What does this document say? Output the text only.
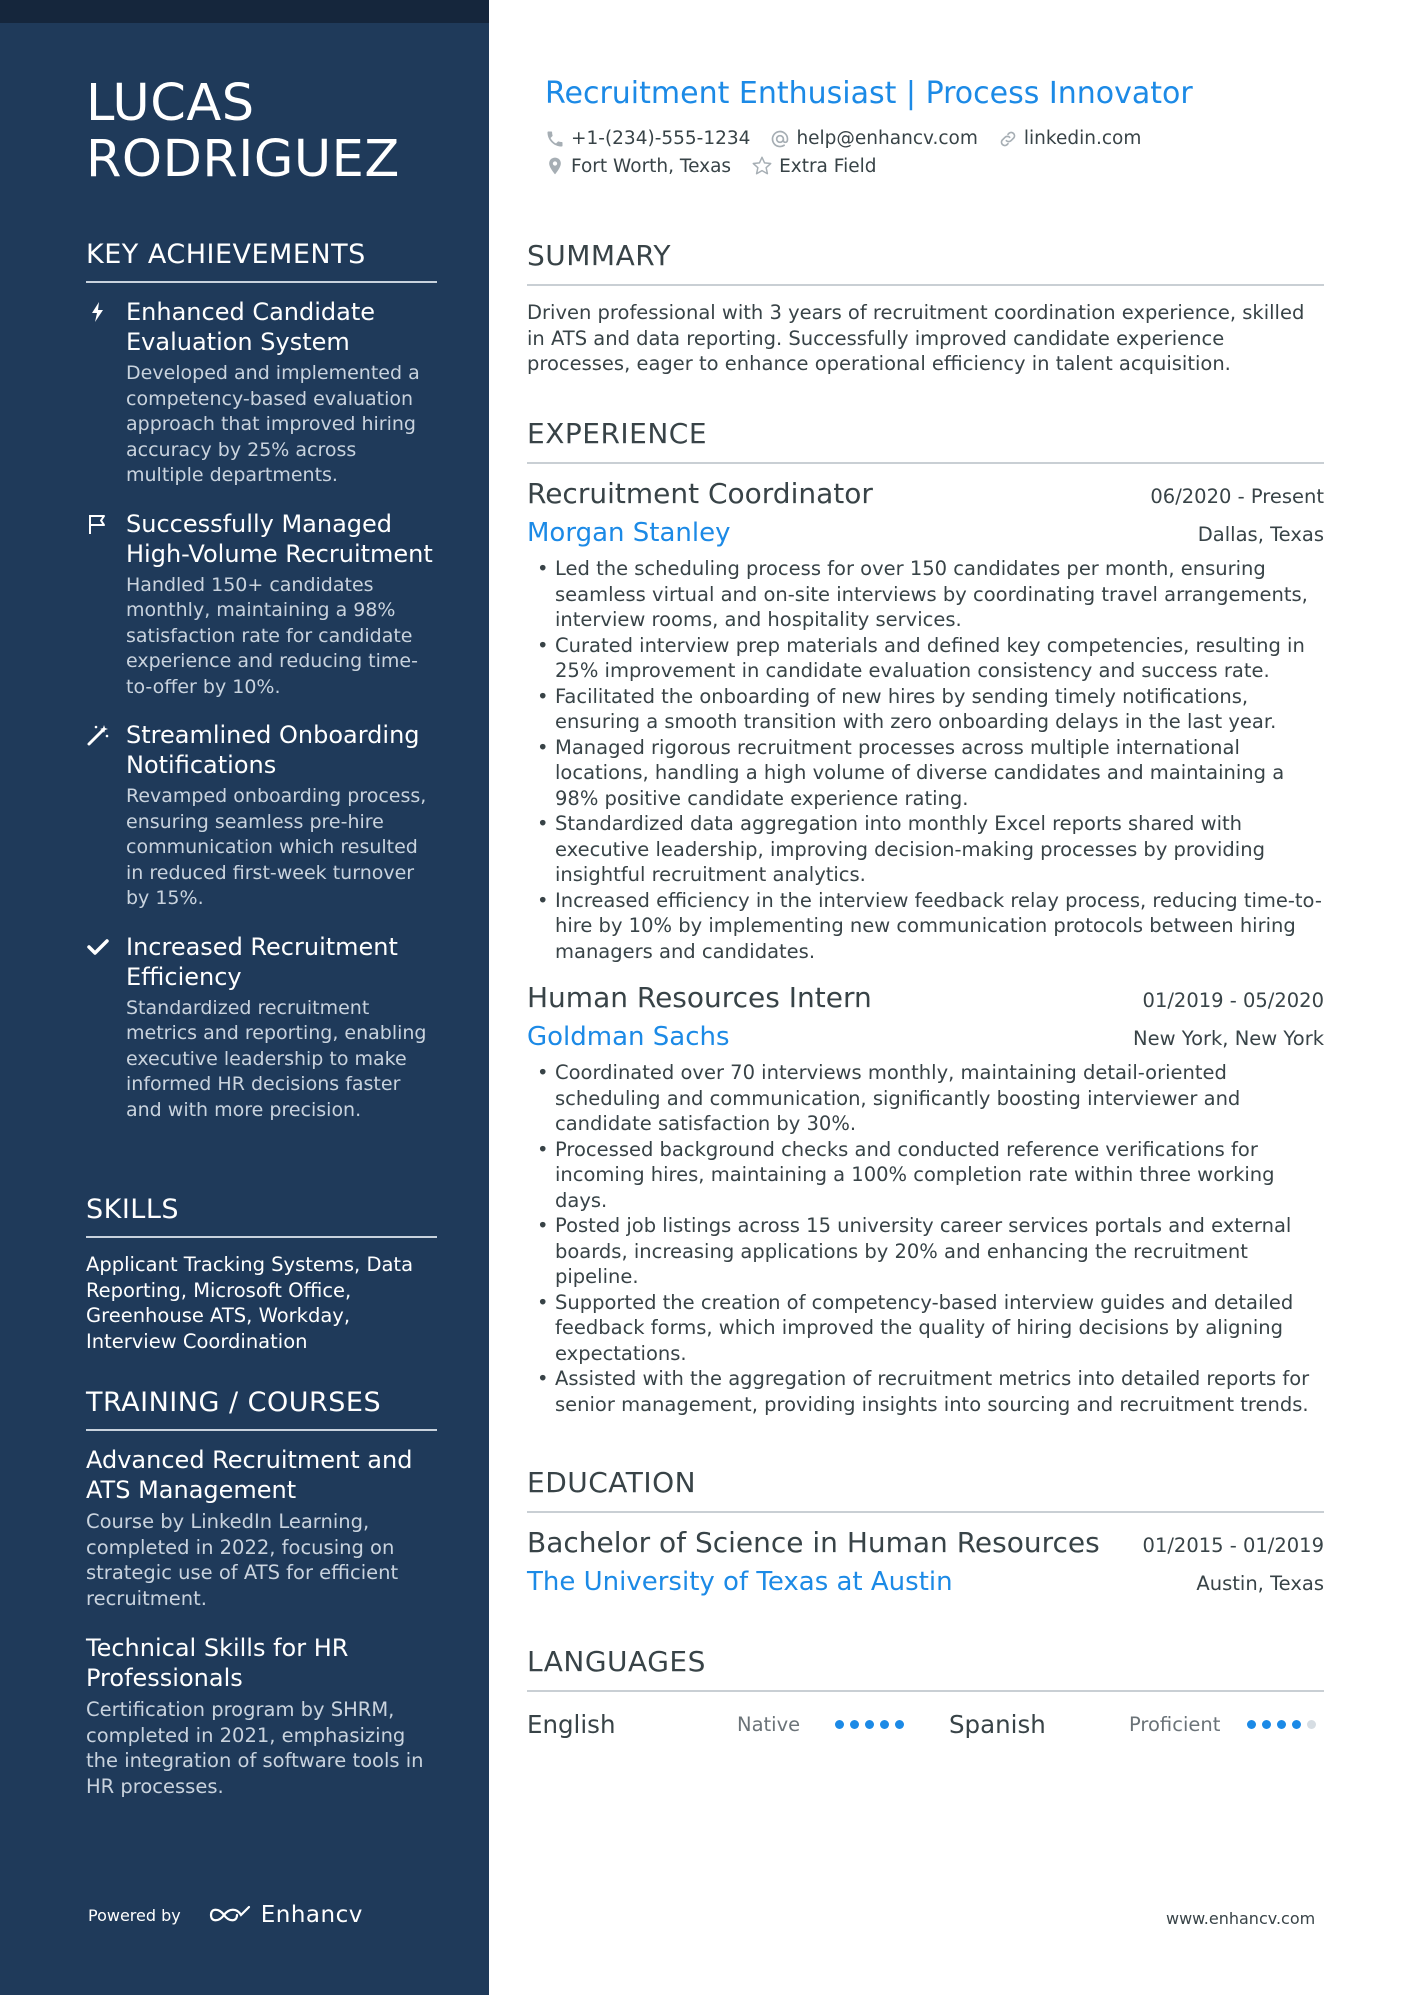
LUCAS
RODRIGUEZ
KEY ACHIEVEMENTS
Enhanced Candidate Evaluation System
Developed and implemented a competency-based evaluation approach that improved hiring accuracy by 25% across multiple departments.
Successfully Managed High-Volume Recruitment
Handled 150+ candidates monthly, maintaining a 98% satisfaction rate for candidate experience and reducing time-to-offer by 10%.
Streamlined Onboarding Notifications
Revamped onboarding process, ensuring seamless pre-hire communication which resulted in reduced first-week turnover by 15%.
Increased Recruitment Efficiency
Standardized recruitment metrics and reporting, enabling executive leadership to make informed HR decisions faster and with more precision.
SKILLS
Applicant Tracking Systems, Data Reporting, Microsoft Office, Greenhouse ATS, Workday, Interview Coordination
TRAINING / COURSES
Advanced Recruitment and ATS Management
Course by LinkedIn Learning, completed in 2022, focusing on strategic use of ATS for efficient recruitment.
Technical Skills for HR Professionals
Certification program by SHRM, completed in 2021, emphasizing the integration of software tools in HR processes.
Powered by	Enhancv
Recruitment Enthusiast | Process Innovator
+1-(234)-555-1234 help@enhancv.com linkedin.com
Fort Worth, Texas	Extra Field
SUMMARY
Driven professional with 3 years of recruitment coordination experience, skilled in ATS and data reporting. Successfully improved candidate experience processes, eager to enhance operational efficiency in talent acquisition.
EXPERIENCE
Recruitment Coordinator	06/2020 - Present
Morgan Stanley	Dallas, Texas
• Led the scheduling process for over 150 candidates per month, ensuring seamless virtual and on-site interviews by coordinating travel arrangements, interview rooms, and hospitality services.
• Curated interview prep materials and defined key competencies, resulting in 25% improvement in candidate evaluation consistency and success rate.
• Facilitated the onboarding of new hires by sending timely notifications, ensuring a smooth transition with zero onboarding delays in the last year.
• Managed rigorous recruitment processes across multiple international locations, handling a high volume of diverse candidates and maintaining a 98% positive candidate experience rating.
• Standardized data aggregation into monthly Excel reports shared with executive leadership, improving decision-making processes by providing insightful recruitment analytics.
• Increased efficiency in the interview feedback relay process, reducing time-to-hire by 10% by implementing new communication protocols between hiring managers and candidates.
Human Resources Intern	01/2019 - 05/2020
Goldman Sachs	New York, New York
• Coordinated over 70 interviews monthly, maintaining detail-oriented scheduling and communication, significantly boosting interviewer and candidate satisfaction by 30%.
• Processed background checks and conducted reference verifications for incoming hires, maintaining a 100% completion rate within three working days.
• Posted job listings across 15 university career services portals and external boards, increasing applications by 20% and enhancing the recruitment pipeline.
• Supported the creation of competency-based interview guides and detailed feedback forms, which improved the quality of hiring decisions by aligning expectations.
• Assisted with the aggregation of recruitment metrics into detailed reports for senior management, providing insights into sourcing and recruitment trends.
EDUCATION
Bachelor of Science in Human Resources 01/2015 - 01/2019
The University of Texas at Austin	Austin, Texas
LANGUAGES
English	Native	Spanish	Proficient
www.enhancv.com
